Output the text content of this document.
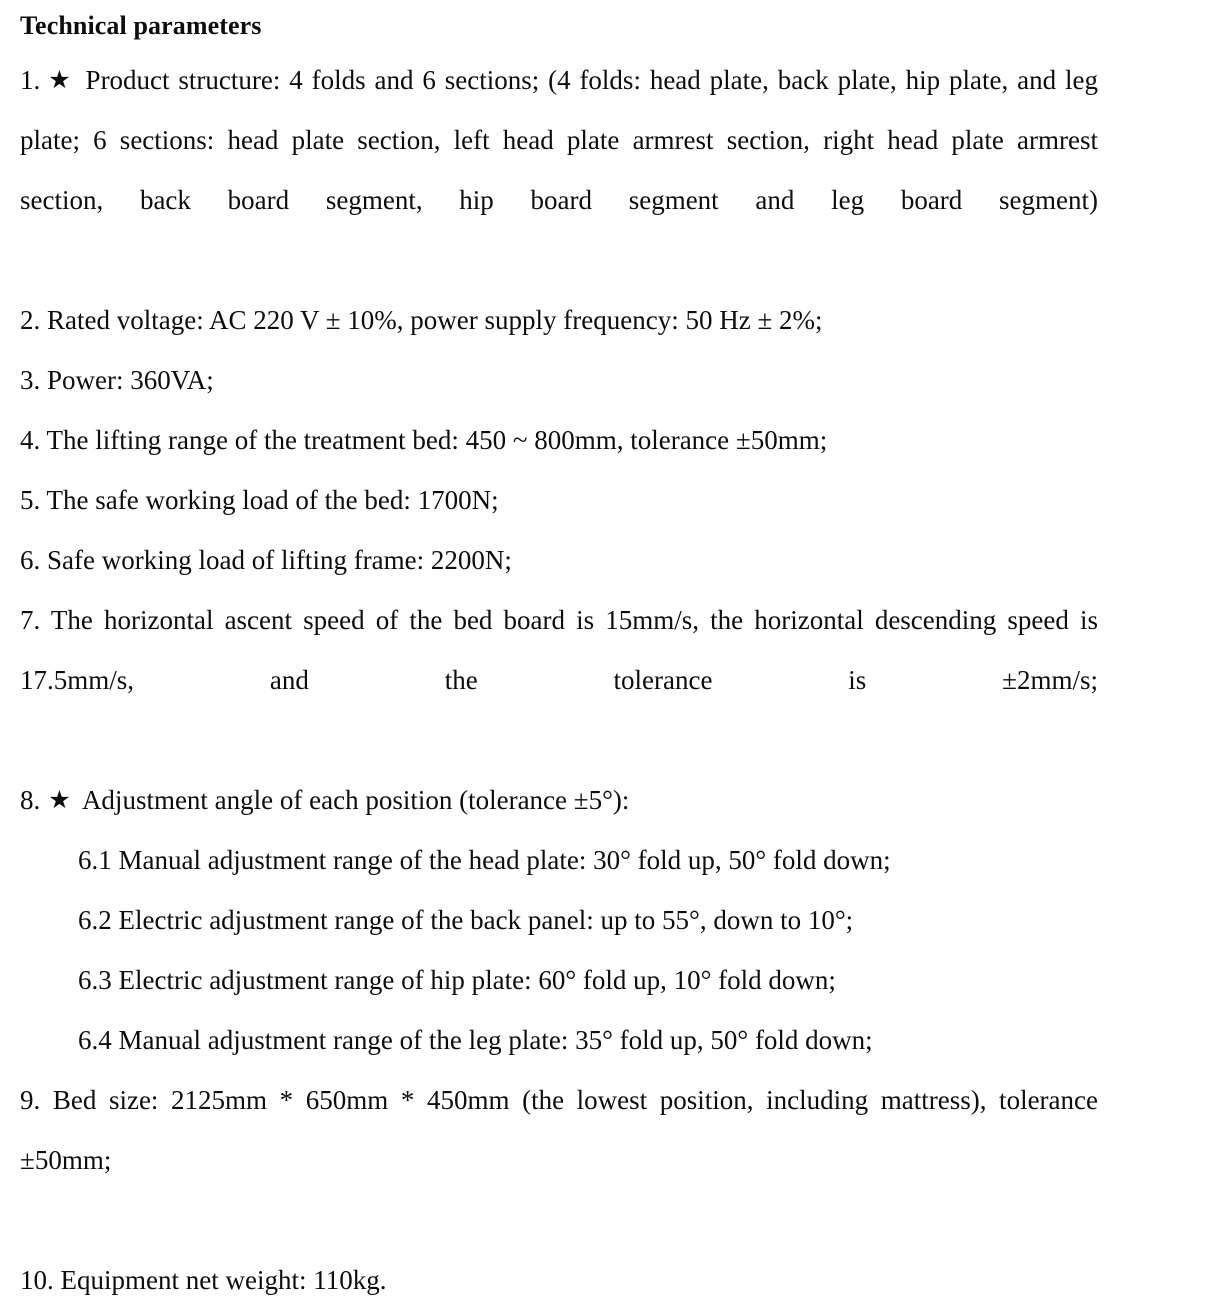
Technical parameters

1. ★ Product structure: 4 folds and 6 sections; (4 folds: head plate, back plate, hip plate, and leg plate; 6 sections: head plate section, left head plate armrest section, right head plate armrest section, back board segment, hip board segment and leg board segment)

2. Rated voltage: AC 220 V ± 10%, power supply frequency: 50 Hz ± 2%;

3. Power: 360VA;

4. The lifting range of the treatment bed: 450 ~ 800mm, tolerance ±50mm;

5. The safe working load of the bed: 1700N;

6. Safe working load of lifting frame: 2200N;

7. The horizontal ascent speed of the bed board is 15mm/s, the horizontal descending speed is 17.5mm/s, and the tolerance is ±2mm/s;

8. ★ Adjustment angle of each position (tolerance ±5°):

6.1 Manual adjustment range of the head plate: 30° fold up, 50° fold down;

6.2 Electric adjustment range of the back panel: up to 55°, down to 10°;

6.3 Electric adjustment range of hip plate: 60° fold up, 10° fold down;

6.4 Manual adjustment range of the leg plate: 35° fold up, 50° fold down;

9. Bed size: 2125mm * 650mm * 450mm (the lowest position, including mattress), tolerance ±50mm;

10. Equipment net weight: 110kg.
